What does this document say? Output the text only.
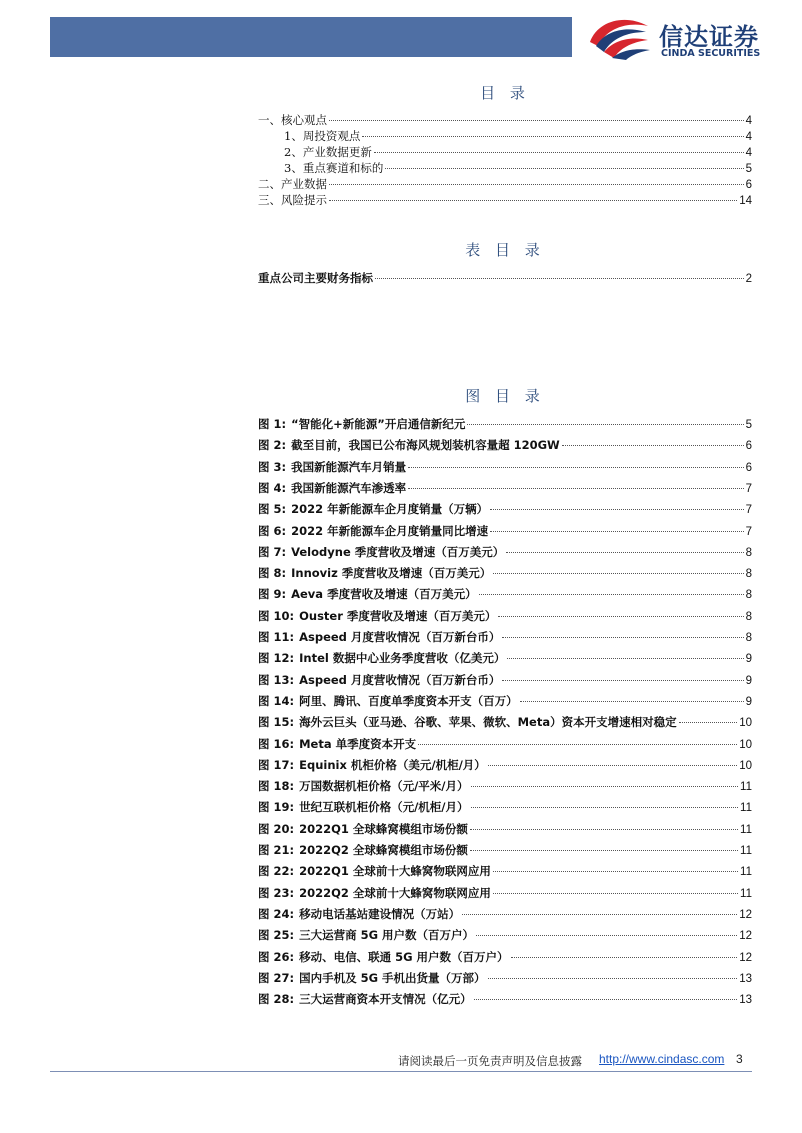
信达证券
CINDA SECURITIES
目 录
一、核心观点	4
1、周投资观点	4
2、产业数据更新	4
3、重点赛道和标的	5
二、产业数据	6
三、风险提示	14
表 目 录
重点公司主要财务指标	2
图 目 录
图 1: “智能化+新能源”开启通信新纪元	5
图 2: 截至目前，我国已公布海风规划装机容量超 120GW	6
图 3: 我国新能源汽车月销量	6
图 4: 我国新能源汽车渗透率	7
图 5: 2022 年新能源车企月度销量（万辆）	7
图 6: 2022 年新能源车企月度销量同比增速	7
图 7: Velodyne 季度营收及增速（百万美元）	8
图 8: Innoviz 季度营收及增速（百万美元）	8
图 9: Aeva 季度营收及增速（百万美元）	8
图 10: Ouster 季度营收及增速（百万美元）	8
图 11: Aspeed 月度营收情况（百万新台币）	8
图 12: Intel 数据中心业务季度营收（亿美元）	9
图 13: Aspeed 月度营收情况（百万新台币）	9
图 14: 阿里、腾讯、百度单季度资本开支（百万）	9
图 15: 海外云巨头（亚马逊、谷歌、苹果、微软、Meta）资本开支增速相对稳定	10
图 16: Meta 单季度资本开支	10
图 17: Equinix 机柜价格（美元/机柜/月）	10
图 18: 万国数据机柜价格（元/平米/月）	11
图 19: 世纪互联机柜价格（元/机柜/月）	11
图 20: 2022Q1 全球蜂窝模组市场份额	11
图 21: 2022Q2 全球蜂窝模组市场份额	11
图 22: 2022Q1 全球前十大蜂窝物联网应用	11
图 23: 2022Q2 全球前十大蜂窝物联网应用	11
图 24: 移动电话基站建设情况（万站）	12
图 25: 三大运营商 5G 用户数（百万户）	12
图 26: 移动、电信、联通 5G 用户数（百万户）	12
图 27: 国内手机及 5G 手机出货量（万部）	13
图 28: 三大运营商资本开支情况（亿元）	13
请阅读最后一页免责声明及信息披露 http://www.cindasc.com 3
